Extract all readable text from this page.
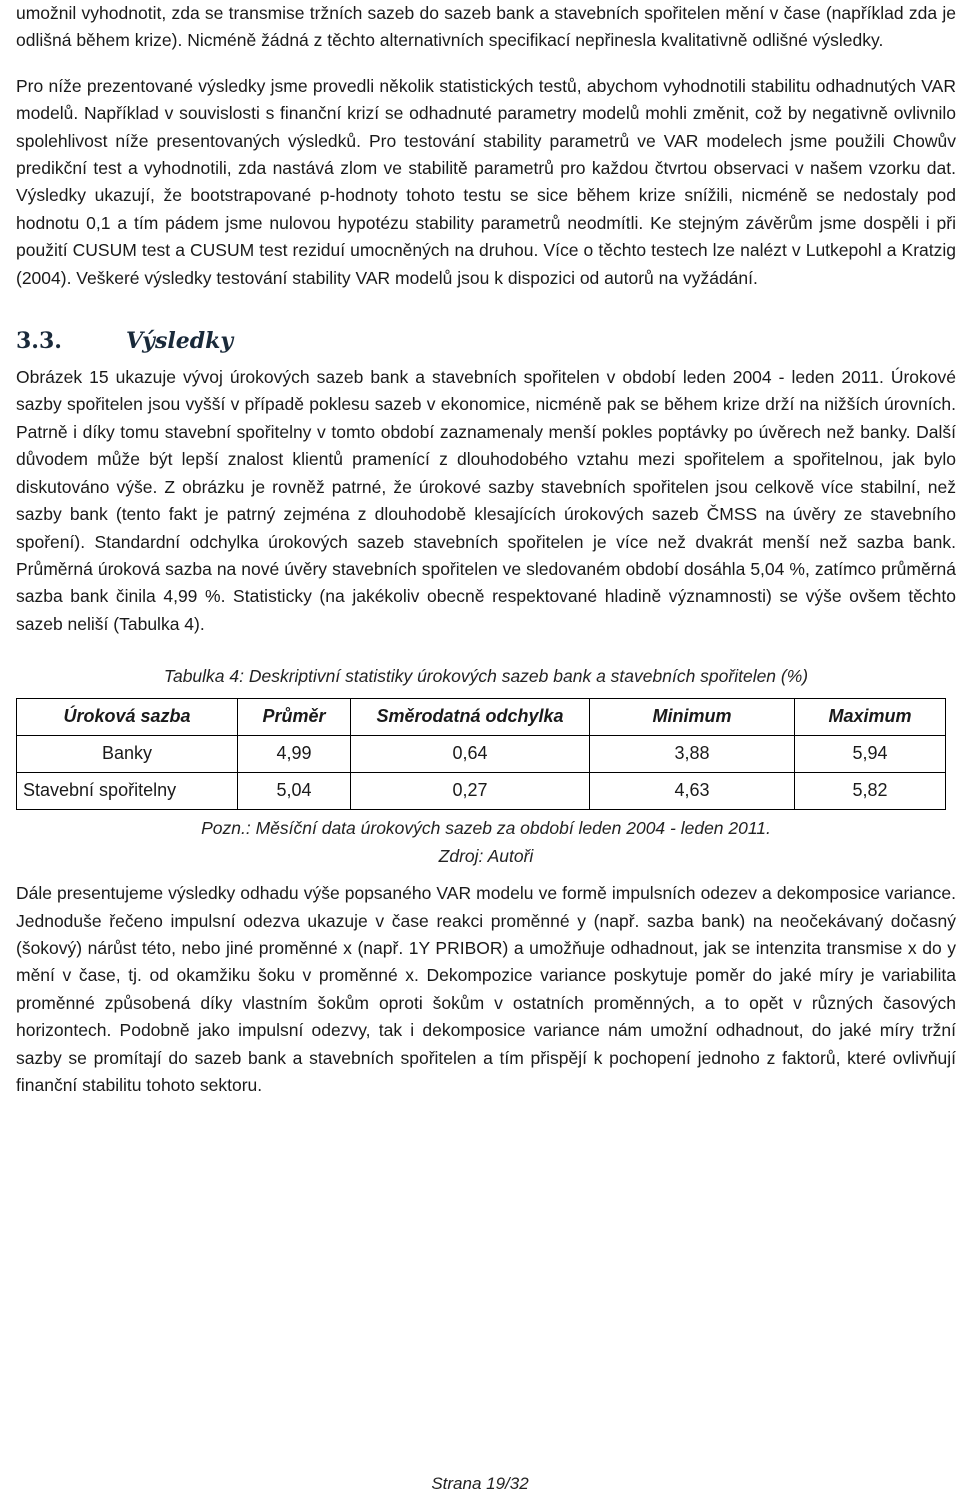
umožnil vyhodnotit, zda se transmise tržních sazeb do sazeb bank a stavebních spořitelen mění v čase (například zda je odlišná během krize). Nicméně žádná z těchto alternativních specifikací nepřinesla kvalitativně odlišné výsledky.

Pro níže prezentované výsledky jsme provedli několik statistických testů, abychom vyhodnotili stabilitu odhadnutých VAR modelů. Například v souvislosti s finanční krizí se odhadnuté parametry modelů mohli změnit, což by negativně ovlivnilo spolehlivost níže presentovaných výsledků. Pro testování stability parametrů ve VAR modelech jsme použili Chowův predikční test a vyhodnotili, zda nastává zlom ve stabilitě parametrů pro každou čtvrtou observaci v našem vzorku dat. Výsledky ukazují, že bootstrapované p-hodnoty tohoto testu se sice během krize snížili, nicméně se nedostaly pod hodnotu 0,1 a tím pádem jsme nulovou hypotézu stability parametrů neodmítli. Ke stejným závěrům jsme dospěli i při použití CUSUM test a CUSUM test reziduí umocněných na druhou. Více o těchto testech lze nalézt v Lutkepohl a Kratzig (2004). Veškeré výsledky testování stability VAR modelů jsou k dispozici od autorů na vyžádání.

3.3.	Výsledky

Obrázek 15 ukazuje vývoj úrokových sazeb bank a stavebních spořitelen v období leden 2004 - leden 2011. Úrokové sazby spořitelen jsou vyšší v případě poklesu sazeb v ekonomice, nicméně pak se během krize drží na nižších úrovních. Patrně i díky tomu stavební spořitelny v tomto období zaznamenaly menší pokles poptávky po úvěrech než banky. Další důvodem může být lepší znalost klientů pramenící z dlouhodobého vztahu mezi spořitelem a spořitelnou, jak bylo diskutováno výše. Z obrázku je rovněž patrné, že úrokové sazby stavebních spořitelen jsou celkově více stabilní, než sazby bank (tento fakt je patrný zejména z dlouhodobě klesajících úrokových sazeb ČMSS na úvěry ze stavebního spoření). Standardní odchylka úrokových sazeb stavebních spořitelen je více než dvakrát menší než sazba bank. Průměrná úroková sazba na nové úvěry stavebních spořitelen ve sledovaném období dosáhla 5,04 %, zatímco průměrná sazba bank činila 4,99 %. Statisticky (na jakékoliv obecně respektované hladině významnosti) se výše ovšem těchto sazeb neliší (Tabulka 4).

Tabulka 4: Deskriptivní statistiky úrokových sazeb bank a stavebních spořitelen (%)
Úroková sazba	Průměr	Směrodatná odchylka	Minimum	Maximum
Banky	4,99	0,64	3,88	5,94
Stavební spořitelny	5,04	0,27	4,63	5,82
Pozn.: Měsíční data úrokových sazeb za období leden 2004 - leden 2011.
Zdroj: Autoři

Dále presentujeme výsledky odhadu výše popsaného VAR modelu ve formě impulsních odezev a dekomposice variance. Jednoduše řečeno impulsní odezva ukazuje v čase reakci proměnné y (např. sazba bank) na neočekávaný dočasný (šokový) nárůst této, nebo jiné proměnné x (např. 1Y PRIBOR) a umožňuje odhadnout, jak se intenzita transmise x do y mění v čase, tj. od okamžiku šoku v proměnné x. Dekompozice variance poskytuje poměr do jaké míry je variabilita proměnné způsobená díky vlastním šokům oproti šokům v ostatních proměnných, a to opět v různých časových horizontech. Podobně jako impulsní odezvy, tak i dekomposice variance nám umožní odhadnout, do jaké míry tržní sazby se promítají do sazeb bank a stavebních spořitelen a tím přispějí k pochopení jednoho z faktorů, které ovlivňují finanční stabilitu tohoto sektoru.

Strana 19/32
